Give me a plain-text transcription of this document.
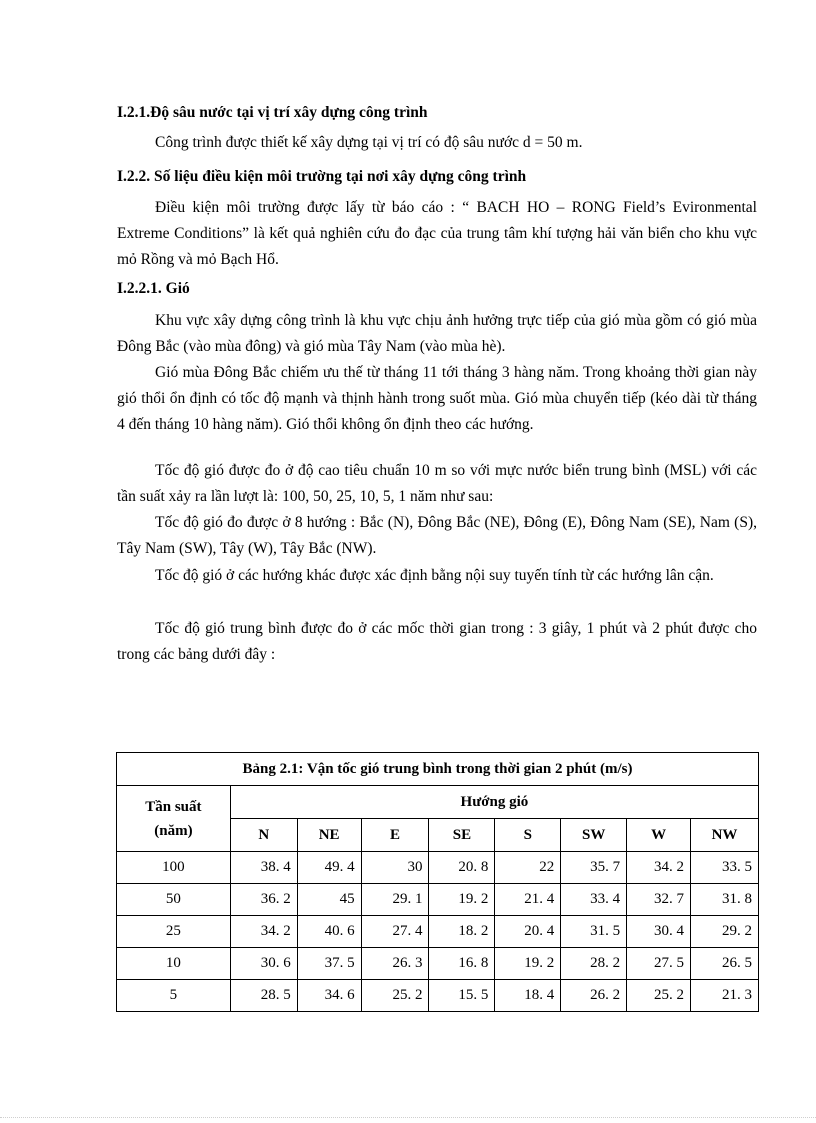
I.2.1.Độ sâu nước tại vị trí xây dựng công trình
Công trình được thiết kế xây dựng tại vị trí có độ sâu nước d = 50 m.
I.2.2. Số liệu điều kiện môi trường tại nơi xây dựng công trình

Điều kiện môi trường được lấy từ báo cáo : “ BACH HO – RONG Field’s Evironmental Extreme Conditions” là kết quả nghiên cứu đo đạc của trung tâm khí tượng hải văn biển cho khu vực mỏ Rồng và mỏ Bạch Hổ.

I.2.2.1. Gió

Khu vực xây dựng công trình là khu vực chịu ảnh hưởng trực tiếp của gió mùa gồm có gió mùa Đông Bắc (vào mùa đông) và gió mùa Tây Nam (vào mùa hè).

Gió mùa Đông Bắc chiếm ưu thế từ tháng 11 tới tháng 3 hàng năm. Trong khoảng thời gian này gió thổi ổn định có tốc độ mạnh và thịnh hành trong suốt mùa. Gió mùa chuyển tiếp (kéo dài từ tháng 4 đến tháng 10 hàng năm). Gió thổi không ổn định theo các hướng.

Tốc độ gió được đo ở độ cao tiêu chuẩn 10 m so với mực nước biển trung bình (MSL) với các tần suất xảy ra lần lượt là: 100, 50, 25, 10, 5, 1 năm như sau:

Tốc độ gió đo được ở 8 hướng : Bắc (N), Đông Bắc (NE), Đông (E), Đông Nam (SE), Nam (S), Tây Nam (SW), Tây (W), Tây Bắc (NW).

Tốc độ gió ở các hướng khác được xác định bằng nội suy tuyến tính từ các hướng lân cận.

Tốc độ gió trung bình được đo ở các mốc thời gian trong : 3 giây, 1 phút và 2 phút được cho trong các bảng dưới đây :

Bảng 2.1: Vận tốc gió trung bình trong thời gian 2 phút (m/s)								

Tần suất
(năm)	Hướng gió							
	N	NE	E	SE	S	SW	W	NW
100	38. 4	49. 4	30	20. 8	22	35. 7	34. 2	33. 5
50	36. 2	45	29. 1	19. 2	21. 4	33. 4	32. 7	31. 8
25	34. 2	40. 6	27. 4	18. 2	20. 4	31. 5	30. 4	29. 2
10	30. 6	37. 5	26. 3	16. 8	19. 2	28. 2	27. 5	26. 5
5	28. 5	34. 6	25. 2	15. 5	18. 4	26. 2	25. 2	21. 3
